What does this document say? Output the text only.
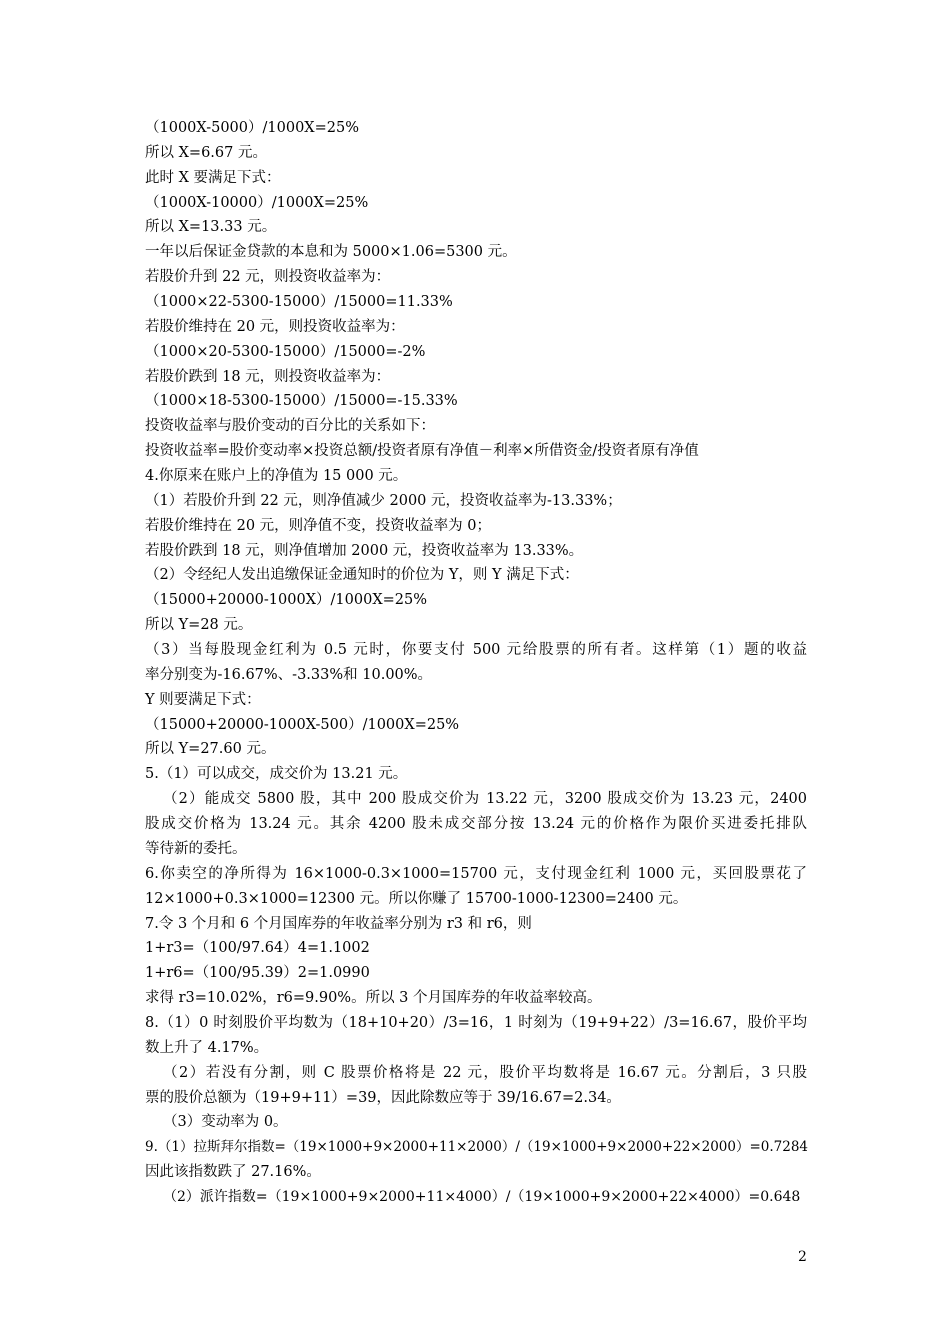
（1000X-5000）/1000X=25%
所以 X=6.67 元。
此时 X 要满足下式：
（1000X-10000）/1000X=25%
所以 X=13.33 元。
一年以后保证金贷款的本息和为 5000×1.06=5300 元。
若股价升到 22 元，则投资收益率为：
（1000×22-5300-15000）/15000=11.33%
若股价维持在 20 元，则投资收益率为：
（1000×20-5300-15000）/15000=-2%
若股价跌到 18 元，则投资收益率为：
（1000×18-5300-15000）/15000=-15.33%
投资收益率与股价变动的百分比的关系如下：
投资收益率=股价变动率×投资总额/投资者原有净值－利率×所借资金/投资者原有净值
4.你原来在账户上的净值为 15 000 元。
（1）若股价升到 22 元，则净值减少 2000 元，投资收益率为-13.33%；
若股价维持在 20 元，则净值不变，投资收益率为 0；
若股价跌到 18 元，则净值增加 2000 元，投资收益率为 13.33%。
（2）令经纪人发出追缴保证金通知时的价位为 Y，则 Y 满足下式：
（15000+20000-1000X）/1000X=25%
所以 Y=28 元。
（3）当每股现金红利为 0.5 元时，你要支付 500 元给股票的所有者。这样第（1）题的收益
率分别变为-16.67%、-3.33%和 10.00%。
Y 则要满足下式：
（15000+20000-1000X-500）/1000X=25%
所以 Y=27.60 元。
5.（1）可以成交，成交价为 13.21 元。
（2）能成交 5800 股，其中 200 股成交价为 13.22 元，3200 股成交价为 13.23 元，2400
股成交价格为 13.24 元。其余 4200 股未成交部分按 13.24 元的价格作为限价买进委托排队
等待新的委托。
6.你卖空的净所得为 16×1000-0.3×1000=15700 元，支付现金红利 1000 元，买回股票花了
12×1000+0.3×1000=12300 元。所以你赚了 15700-1000-12300=2400 元。
7.令 3 个月和 6 个月国库券的年收益率分别为 r3 和 r6，则
1+r3=（100/97.64）4=1.1002
1+r6=（100/95.39）2=1.0990
求得 r3=10.02%，r6=9.90%。所以 3 个月国库券的年收益率较高。
8.（1）0 时刻股价平均数为（18+10+20）/3=16，1 时刻为（19+9+22）/3=16.67，股价平均
数上升了 4.17%。
（2）若没有分割，则 C 股票价格将是 22 元，股价平均数将是 16.67 元。分割后，3 只股
票的股价总额为（19+9+11）=39，因此除数应等于 39/16.67=2.34。
（3）变动率为 0。
9.（1）拉斯拜尔指数=（19×1000+9×2000+11×2000）/（19×1000+9×2000+22×2000）=0.7284
因此该指数跌了 27.16%。
（2）派许指数=（19×1000+9×2000+11×4000）/（19×1000+9×2000+22×4000）=0.648
2
